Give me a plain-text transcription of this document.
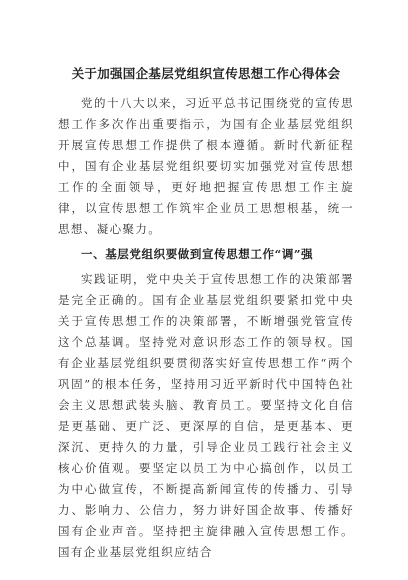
关于加强国企基层党组织宣传思想工作心得体会

党的十八大以来，习近平总书记围绕党的宣传思想工作多次作出重要指示，为国有企业基层党组织开展宣传思想工作提供了根本遵循。新时代新征程中，国有企业基层党组织要切实加强党对宣传思想工作的全面领导，更好地把握宣传思想工作主旋律，以宣传思想工作筑牢企业员工思想根基，统一思想、凝心聚力。

一、基层党组织要做到宣传思想工作“调”强

实践证明，党中央关于宣传思想工作的决策部署是完全正确的。国有企业基层党组织要紧扣党中央关于宣传思想工作的决策部署，不断增强党管宣传这个总基调。坚持党对意识形态工作的领导权。国有企业基层党组织要贯彻落实好宣传思想工作“两个巩固”的根本任务，坚持用习近平新时代中国特色社会主义思想武装头脑、教育员工。要坚持文化自信是更基础、更广泛、更深厚的自信，是更基本、更深沉、更持久的力量，引导企业员工践行社会主义核心价值观。要坚定以员工为中心搞创作，以员工为中心做宣传，不断提高新闻宣传的传播力、引导力、影响力、公信力，努力讲好国企故事、传播好国有企业声音。坚持把主旋律融入宣传思想工作。国有企业基层党组织应结合
